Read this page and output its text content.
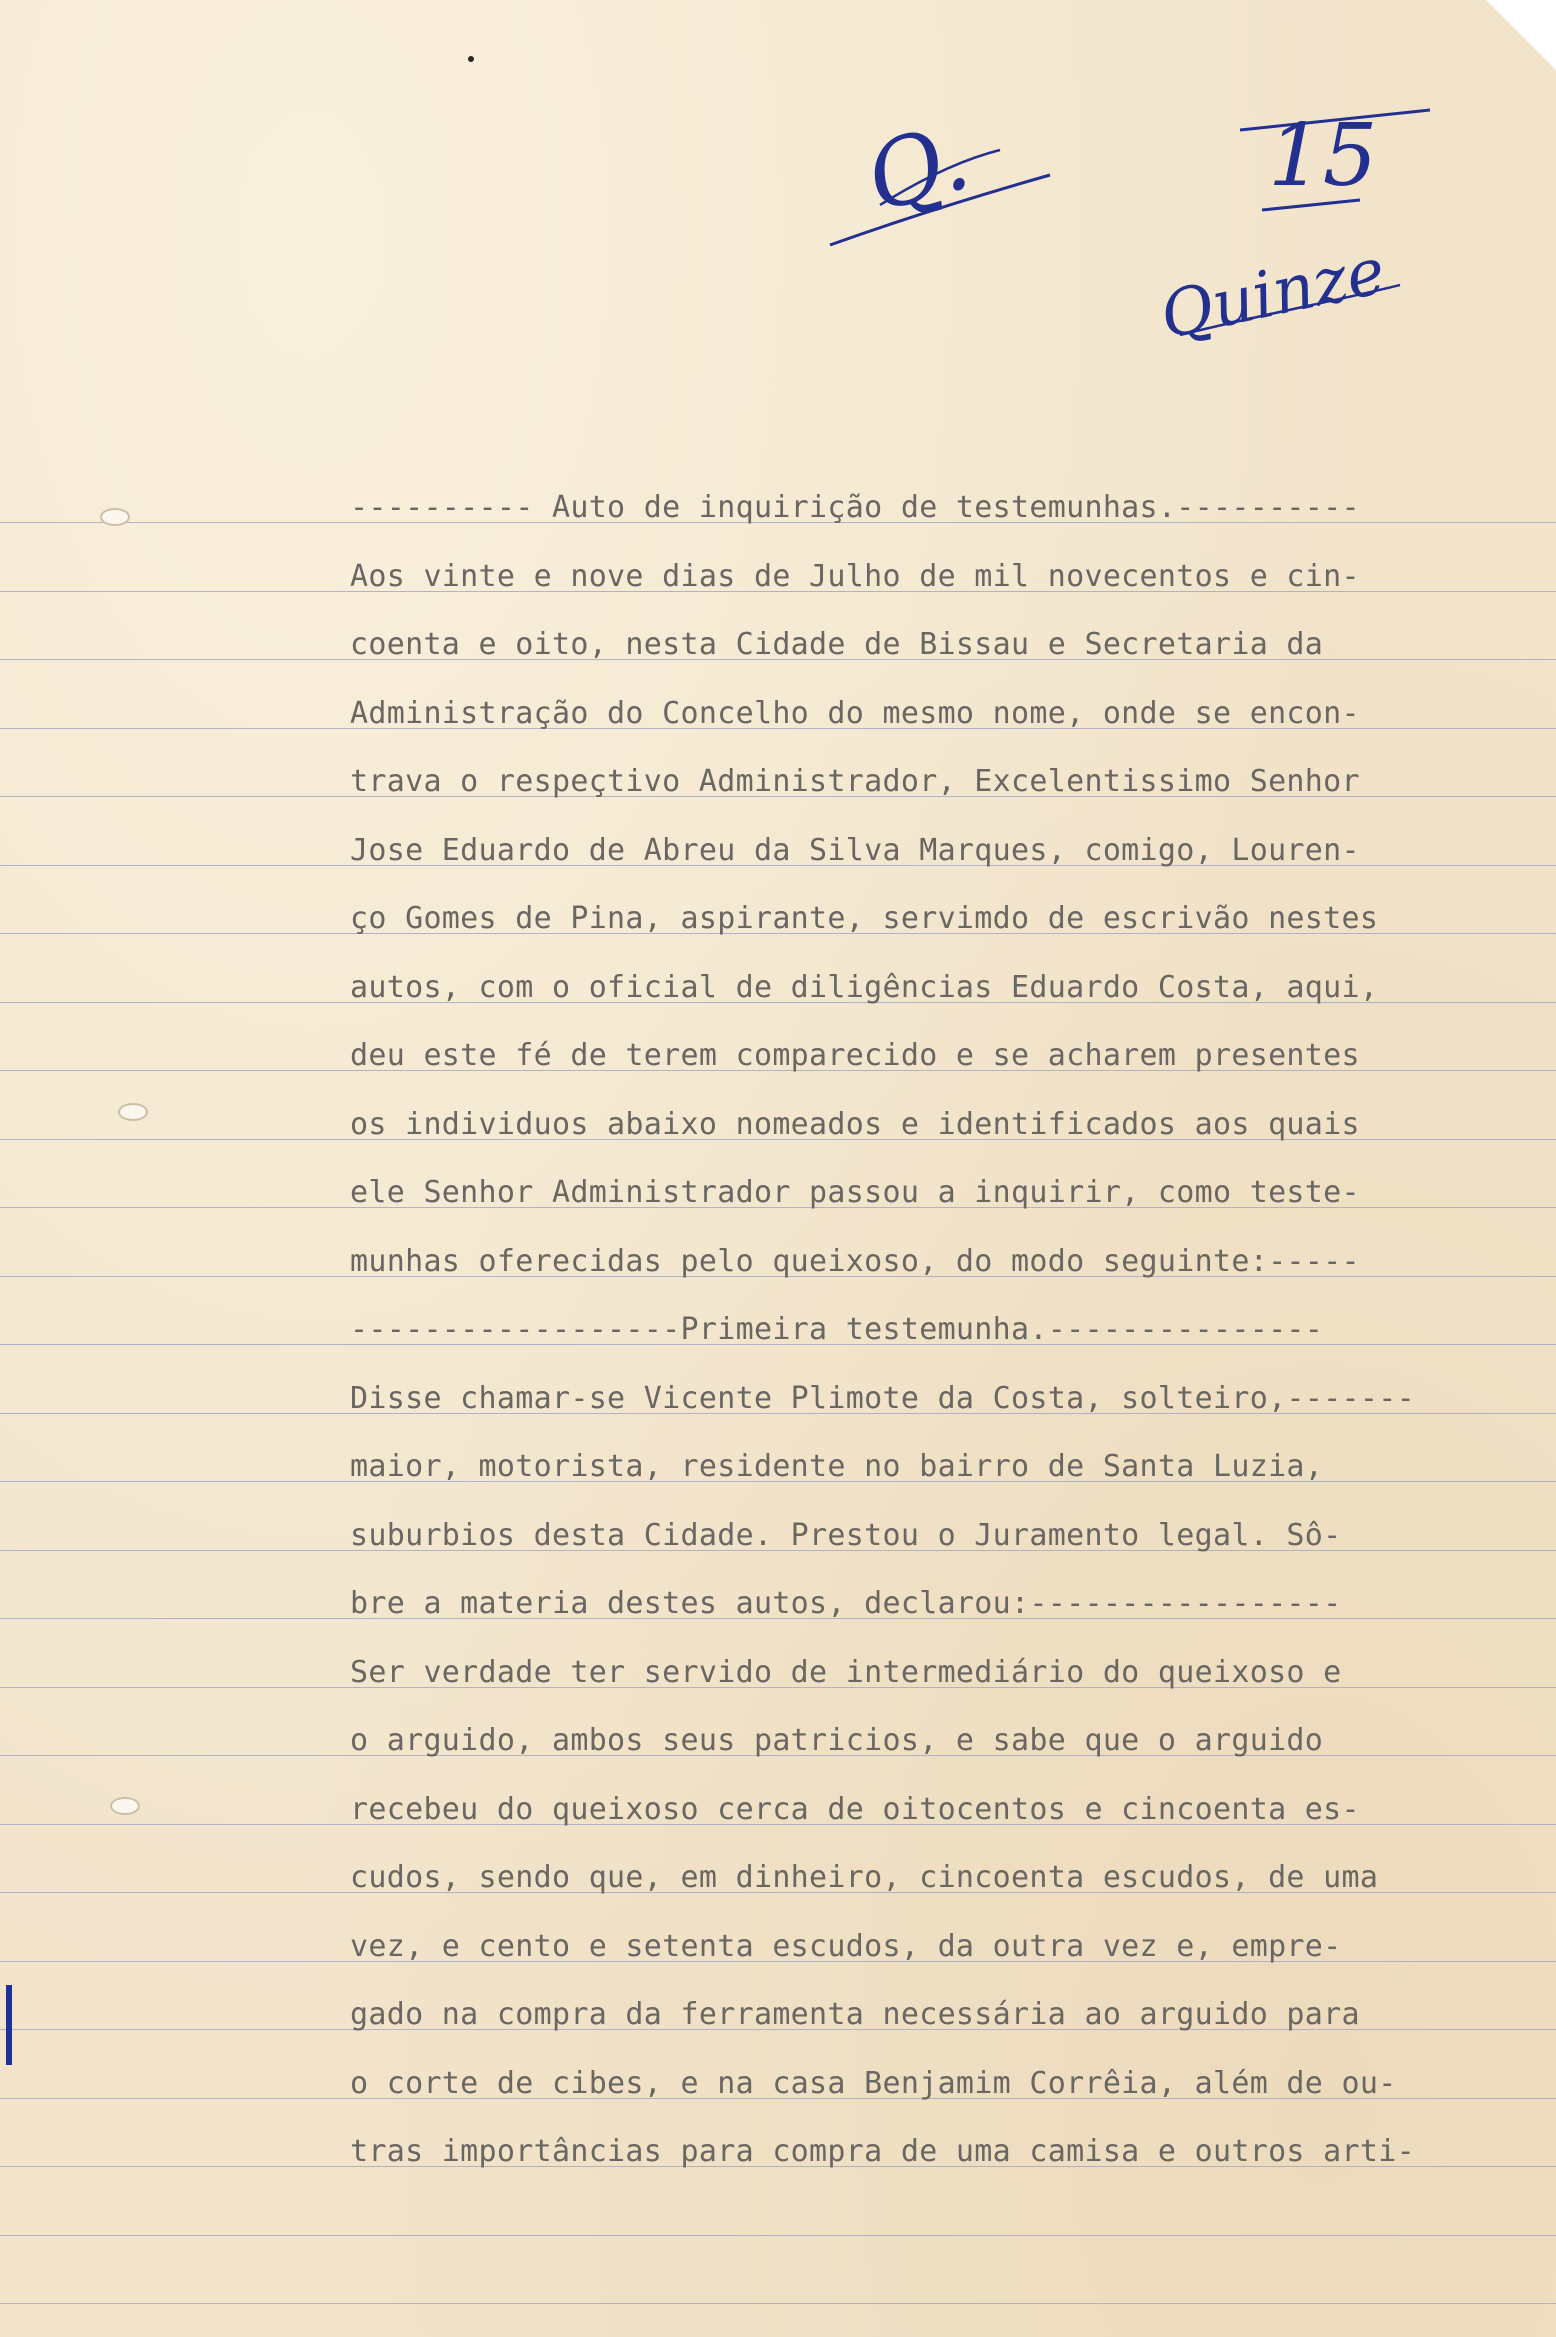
Q.	15
Quinze
---------- Auto de inquirição de testemunhas.----------
Aos vinte e nove dias de Julho de mil novecentos e cin-
coenta e oito, nesta Cidade de Bissau e Secretaria da
Administração do Concelho do mesmo nome, onde se encon-
trava o respeçtivo Administrador, Excelentissimo Senhor
Jose Eduardo de Abreu da Silva Marques, comigo, Louren-
ço Gomes de Pina, aspirante, servimdo de escrivão nestes
autos, com o oficial de diligências Eduardo Costa, aqui,
deu este fé de terem comparecido e se acharem presentes
os individuos abaixo nomeados e identificados aos quais
ele Senhor Administrador passou a inquirir, como teste-
munhas oferecidas pelo queixoso, do modo seguinte:-----
------------------Primeira testemunha.---------------
Disse chamar-se Vicente Plimote da Costa, solteiro,-------
maior, motorista, residente no bairro de Santa Luzia,
suburbios desta Cidade. Prestou o Juramento legal. Sô-
bre a materia destes autos, declarou:-----------------
Ser verdade ter servido de intermediário do queixoso e
o arguido, ambos seus patricios, e sabe que o arguido
recebeu do queixoso cerca de oitocentos e cincoenta es-
cudos, sendo que, em dinheiro, cincoenta escudos, de uma
vez, e cento e setenta escudos, da outra vez e, empre-
gado na compra da ferramenta necessária ao arguido para
o corte de cibes, e na casa Benjamim Corrêia, além de ou-
tras importâncias para compra de uma camisa e outros arti-
